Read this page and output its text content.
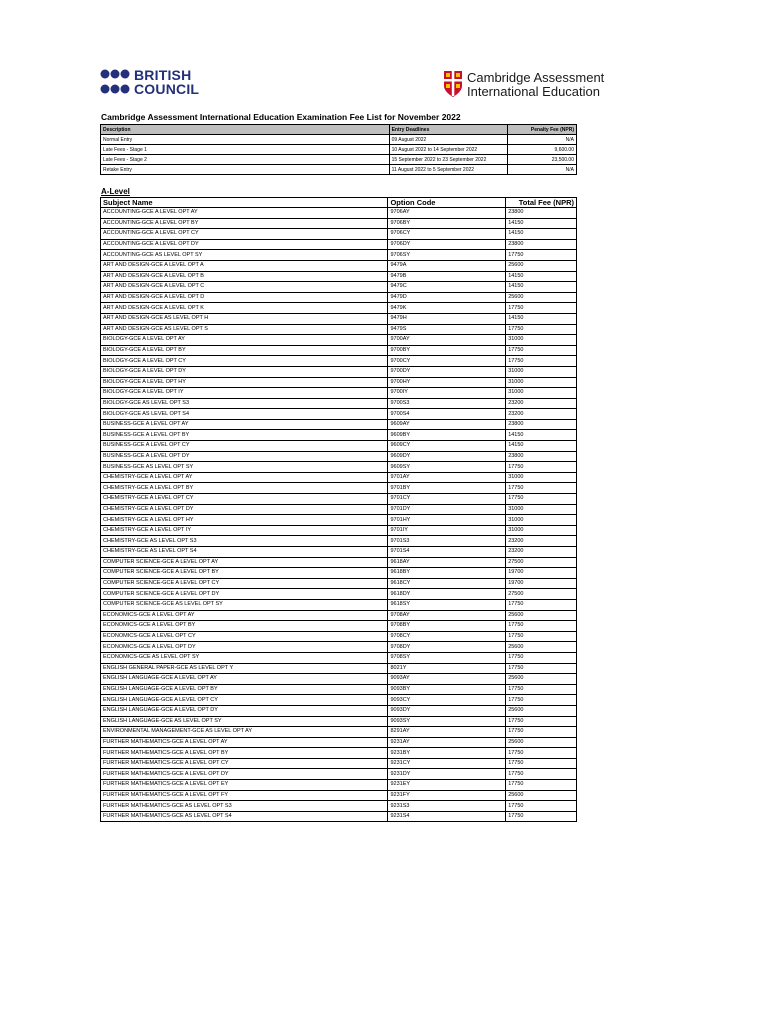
BRITISH
COUNCIL
Cambridge Assessment
International Education
Cambridge Assessment International Education Examination Fee List for November 2022
Description	Entry Deadlines	Penalty Fee (NPR)
Normal Entry	09 August 2022	N/A
Late Fees - Stage 1	10 August 2022 to 14 September 2022	9,600.00
Late Fees - Stage 2	15 September 2022 to 23 September 2022	23,500.00
Retake Entry	11 August 2022 to 5 September 2022	N/A
A-Level
Subject Name	Option Code	Total Fee (NPR)
ACCOUNTING-GCE A LEVEL OPT AY	9706AY	23800
ACCOUNTING-GCE A LEVEL OPT BY	9706BY	14150
ACCOUNTING-GCE A LEVEL OPT CY	9706CY	14150
ACCOUNTING-GCE A LEVEL OPT DY	9706DY	23800
ACCOUNTING-GCE AS LEVEL OPT SY	9706SY	17750
ART AND DESIGN-GCE A LEVEL OPT A	9479A	25600
ART AND DESIGN-GCE A LEVEL OPT B	9479B	14150
ART AND DESIGN-GCE A LEVEL OPT C	9479C	14150
ART AND DESIGN-GCE A LEVEL OPT D	9479D	25600
ART AND DESIGN-GCE A LEVEL OPT K	9479K	17750
ART AND DESIGN-GCE AS LEVEL OPT H	9479H	14150
ART AND DESIGN-GCE AS LEVEL OPT S	9479S	17750
BIOLOGY-GCE A LEVEL OPT AY	9700AY	31000
BIOLOGY-GCE A LEVEL OPT BY	9700BY	17750
BIOLOGY-GCE A LEVEL OPT CY	9700CY	17750
BIOLOGY-GCE A LEVEL OPT DY	9700DY	31000
BIOLOGY-GCE A LEVEL OPT HY	9700HY	31000
BIOLOGY-GCE A LEVEL OPT IY	9700IY	31000
BIOLOGY-GCE AS LEVEL OPT S3	9700S3	23200
BIOLOGY-GCE AS LEVEL OPT S4	9700S4	23200
BUSINESS-GCE A LEVEL OPT AY	9609AY	23800
BUSINESS-GCE A LEVEL OPT BY	9609BY	14150
BUSINESS-GCE A LEVEL OPT CY	9609CY	14150
BUSINESS-GCE A LEVEL OPT DY	9609DY	23800
BUSINESS-GCE AS LEVEL OPT SY	9609SY	17750
CHEMISTRY-GCE A LEVEL OPT AY	9701AY	31000
CHEMISTRY-GCE A LEVEL OPT BY	9701BY	17750
CHEMISTRY-GCE A LEVEL OPT CY	9701CY	17750
CHEMISTRY-GCE A LEVEL OPT DY	9701DY	31000
CHEMISTRY-GCE A LEVEL OPT HY	9701HY	31000
CHEMISTRY-GCE A LEVEL OPT IY	9701IY	31000
CHEMISTRY-GCE AS LEVEL OPT S3	9701S3	23200
CHEMISTRY-GCE AS LEVEL OPT S4	9701S4	23200
COMPUTER SCIENCE-GCE A LEVEL OPT AY	9618AY	27500
COMPUTER SCIENCE-GCE A LEVEL OPT BY	9618BY	19700
COMPUTER SCIENCE-GCE A LEVEL OPT CY	9618CY	19700
COMPUTER SCIENCE-GCE A LEVEL OPT DY	9618DY	27500
COMPUTER SCIENCE-GCE AS LEVEL OPT SY	9618SY	17750
ECONOMICS-GCE A LEVEL OPT AY	9708AY	25600
ECONOMICS-GCE A LEVEL OPT BY	9708BY	17750
ECONOMICS-GCE A LEVEL OPT CY	9708CY	17750
ECONOMICS-GCE A LEVEL OPT DY	9708DY	25600
ECONOMICS-GCE AS LEVEL OPT SY	9708SY	17750
ENGLISH GENERAL PAPER-GCE AS LEVEL OPT Y	8021Y	17750
ENGLISH LANGUAGE-GCE A LEVEL OPT AY	9093AY	25600
ENGLISH LANGUAGE-GCE A LEVEL OPT BY	9093BY	17750
ENGLISH LANGUAGE-GCE A LEVEL OPT CY	9093CY	17750
ENGLISH LANGUAGE-GCE A LEVEL OPT DY	9093DY	25600
ENGLISH LANGUAGE-GCE AS LEVEL OPT SY	9093SY	17750
ENVIRONMENTAL MANAGEMENT-GCE AS LEVEL OPT AY	8291AY	17750
FURTHER MATHEMATICS-GCE A LEVEL OPT AY	9231AY	25600
FURTHER MATHEMATICS-GCE A LEVEL OPT BY	9231BY	17750
FURTHER MATHEMATICS-GCE A LEVEL OPT CY	9231CY	17750
FURTHER MATHEMATICS-GCE A LEVEL OPT DY	9231DY	17750
FURTHER MATHEMATICS-GCE A LEVEL OPT EY	9231EY	17750
FURTHER MATHEMATICS-GCE A LEVEL OPT FY	9231FY	25600
FURTHER MATHEMATICS-GCE AS LEVEL OPT S3	9231S3	17750
FURTHER MATHEMATICS-GCE AS LEVEL OPT S4	9231S4	17750
